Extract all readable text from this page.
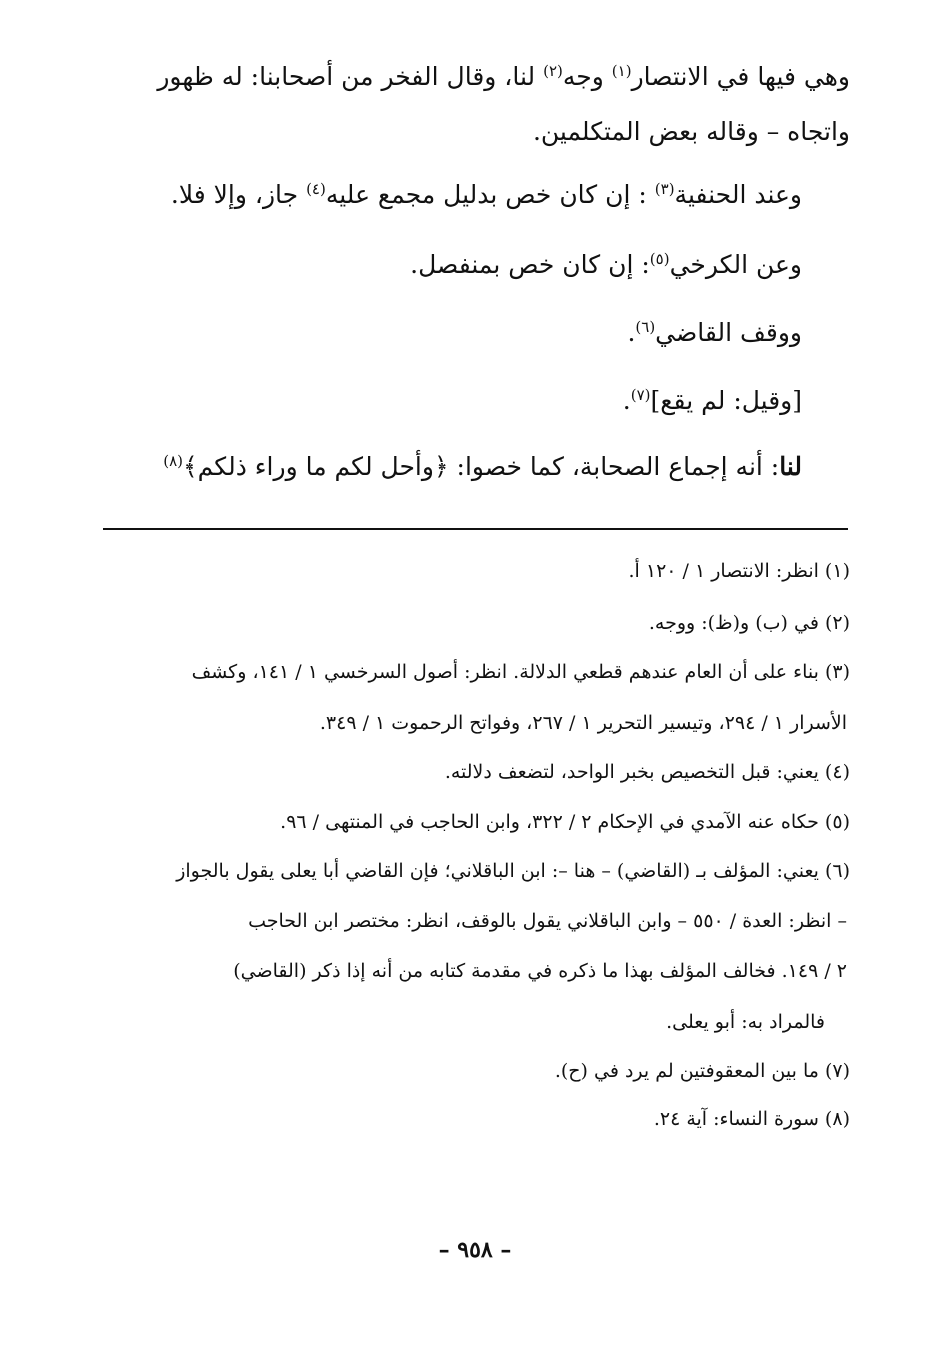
وهي فيها في الانتصار$^{(١)}$ وجه$^{(٢)}$ لنا، وقال الفخر من أصحابنا: له ظهور
واتجاه – وقاله بعض المتكلمين.
وعند الحنفية$^{(٣)}$ : إن كان خص بدليل مجمع عليه$^{(٤)}$ جاز، وإلا فلا.
وعن الكرخي$^{(٥)}$: إن كان خص بمنفصل.
ووقف القاضي$^{(٦)}$.
[وقيل: لم يقع]$^{(٧)}$.
لنا: أنه إجماع الصحابة، كما خصوا: ﴿وأحل لكم ما وراء ذلكم﴾$^{(٨)}$
(١) انظر: الانتصار ١ / ١٢٠ أ.
(٢) في (ب) و(ظ): ووجه.
(٣) بناء على أن العام عندهم قطعي الدلالة. انظر: أصول السرخسي ١ / ١٤١، وكشف
الأسرار ١ / ٢٩٤، وتيسير التحرير ١ / ٢٦٧، وفواتح الرحموت ١ / ٣٤٩.
(٤) يعني: قبل التخصيص بخبر الواحد، لتضعف دلالته.
(٥) حكاه عنه الآمدي في الإحكام ٢ / ٣٢٢، وابن الحاجب في المنتهى / ٩٦.
(٦) يعني: المؤلف بـ (القاضي) – هنا –: ابن الباقلاني؛ فإن القاضي أبا يعلى يقول بالجواز
– انظر: العدة / ٥٥٠ – وابن الباقلاني يقول بالوقف، انظر: مختصر ابن الحاجب
٢ / ١٤٩. فخالف المؤلف بهذا ما ذكره في مقدمة كتابه من أنه إذا ذكر (القاضي)
فالمراد به: أبو يعلى.
(٧) ما بين المعقوفتين لم يرد في (ح).
(٨) سورة النساء: آية ٢٤.
– ٩٥٨ –
